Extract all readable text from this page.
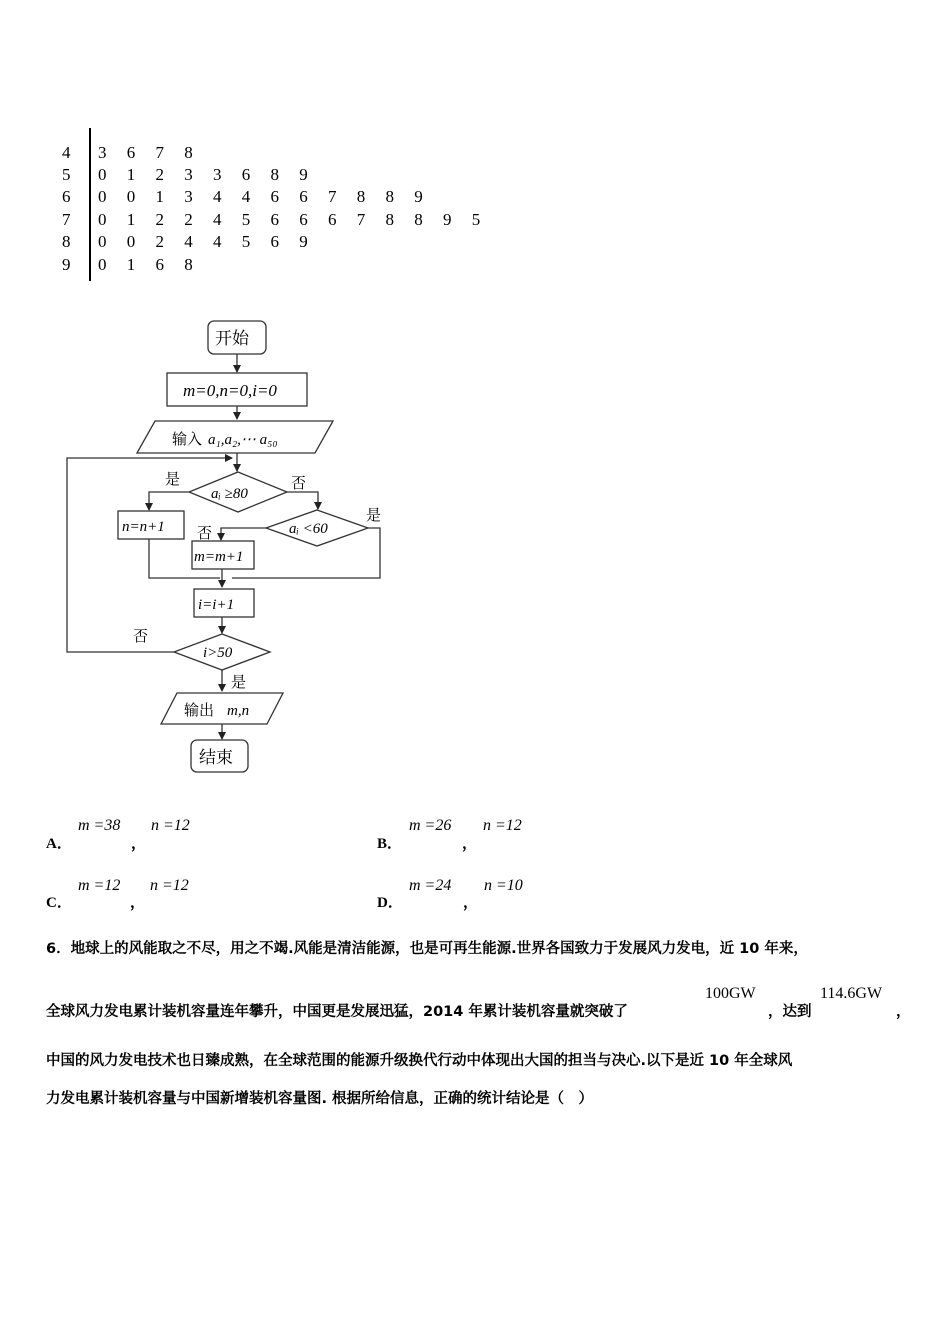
4	3 6 7 8
5	0 1 2 3 3 6 8 9
6	0 0 1 3 4 4 6 6 7 8 8 9
7	0 1 2 2 4 5 6 6 6 7 8 8 9 5
8	0 0 2 4 4 5 6 9
9	0 1 6 8
开始
m=0,n=0,i=0
输入 a₁,a₂,⋯ a₅₀
aᵢ ≥80
是	否
n=n+1	aᵢ <60
是
否
m=m+1
i=i+1
i>50
否
是
输出 m,n
结束
A．
m =38
，
n =12
B．
m =26
，
n =12
C．
m =12
，
n =12
D．
m =24
，
n =10
6．地球上的风能取之不尽，用之不竭.风能是清洁能源，也是可再生能源.世界各国致力于发展风力发电，近 10 年来，
全球风力发电累计装机容量连年攀升，中国更是发展迅猛，2014 年累计装机容量就突破了
100GW
，达到
114.6GW
，
中国的风力发电技术也日臻成熟，在全球范围的能源升级换代行动中体现出大国的担当与决心.以下是近 10 年全球风
力发电累计装机容量与中国新增装机容量图. 根据所给信息，正确的统计结论是（　）
